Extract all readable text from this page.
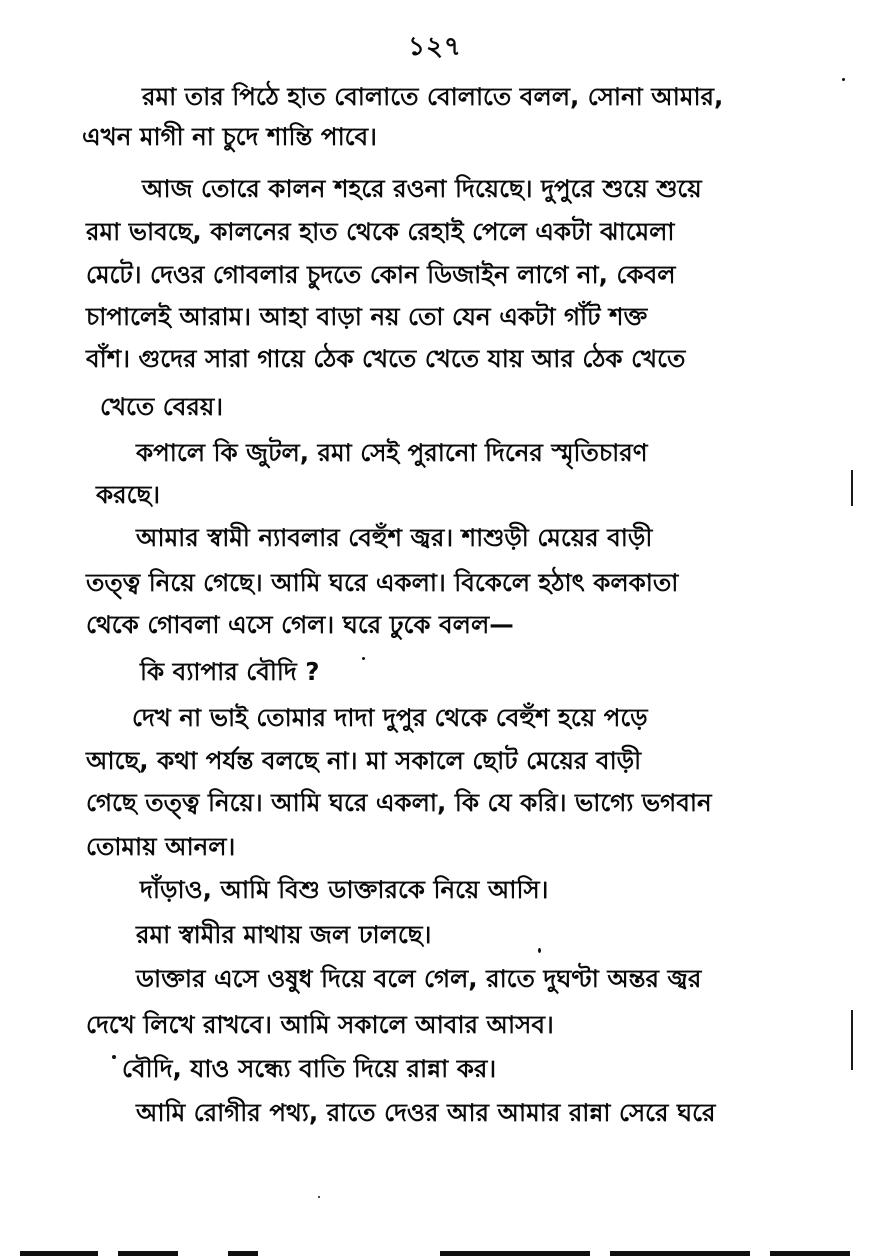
১২৭
রমা তার পিঠে হাত বোলাতে বোলাতে বলল, সোনা আমার,
এখন মাগী না চুদে শান্তি পাবে।
আজ তোরে কালন শহরে রওনা দিয়েছে। দুপুরে শুয়ে শুয়ে
রমা ভাবছে, কালনের হাত থেকে রেহাই পেলে একটা ঝামেলা
মেটে। দেওর গোবলার চুদতে কোন ডিজাইন লাগে না, কেবল
চাপালেই আরাম। আহা বাড়া নয় তো যেন একটা গাঁট শক্ত
বাঁশ। গুদের সারা গায়ে ঠেক খেতে খেতে যায় আর ঠেক খেতে
খেতে বেরয়।
কপালে কি জুটল, রমা সেই পুরানো দিনের স্মৃতিচারণ
করছে।
আমার স্বামী ন্যাবলার বেহুঁশ জ্বর। শাশুড়ী মেয়ের বাড়ী
তত্ত্ব নিয়ে গেছে। আমি ঘরে একলা। বিকেলে হঠাৎ কলকাতা
থেকে গোবলা এসে গেল। ঘরে ঢুকে বলল—
কি ব্যাপার বৌদি ?
দেখ না ভাই তোমার দাদা দুপুর থেকে বেহুঁশ হয়ে পড়ে
আছে, কথা পর্যন্ত বলছে না। মা সকালে ছোট মেয়ের বাড়ী
গেছে তত্ত্ব নিয়ে। আমি ঘরে একলা, কি যে করি। ভাগ্যে ভগবান
তোমায় আনল।
দাঁড়াও, আমি বিশু ডাক্তারকে নিয়ে আসি।
রমা স্বামীর মাথায় জল ঢালছে।
ডাক্তার এসে ওষুধ দিয়ে বলে গেল, রাতে দুঘণ্টা অন্তর জ্বর
দেখে লিখে রাখবে। আমি সকালে আবার আসব।
বৌদি, যাও সন্ধ্যে বাতি দিয়ে রান্না কর।
আমি রোগীর পথ্য, রাতে দেওর আর আমার রান্না সেরে ঘরে
